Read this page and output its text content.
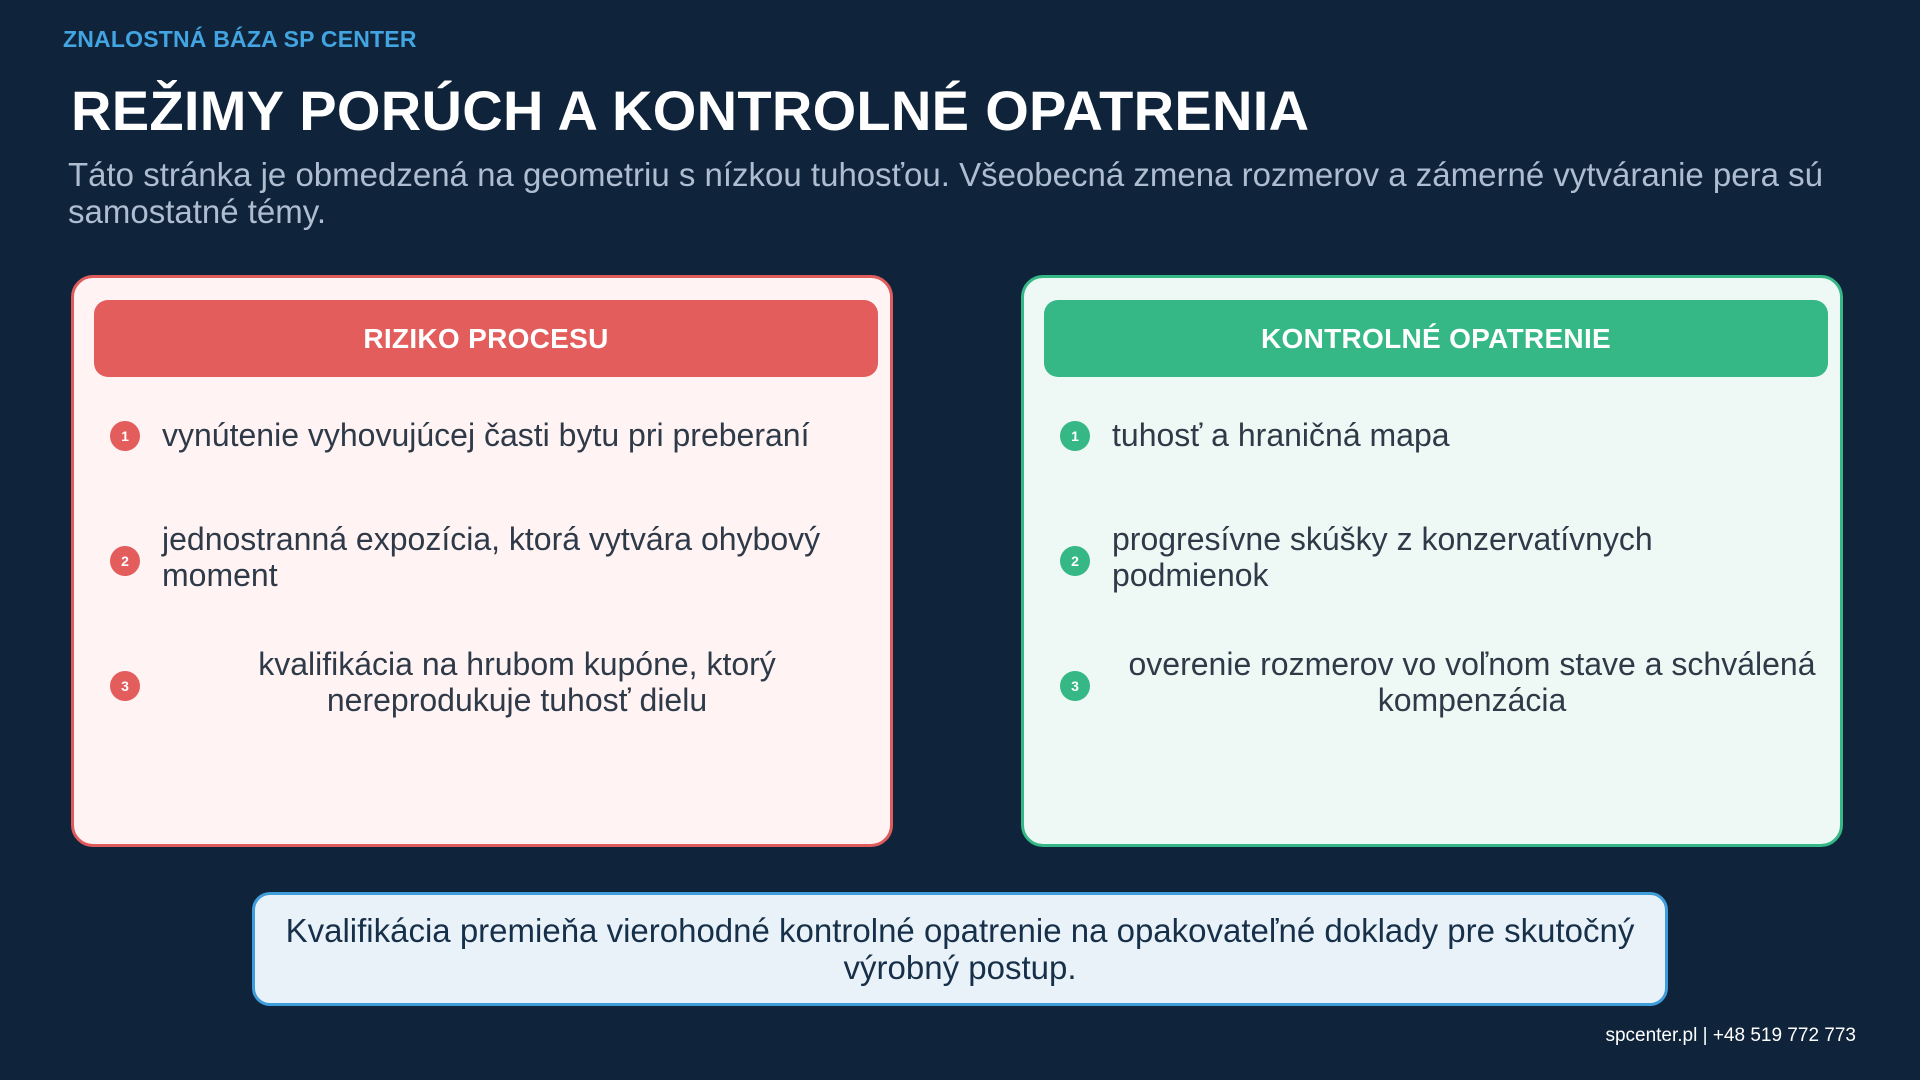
ZNALOSTNÁ BÁZA SP CENTER
REŽIMY PORÚCH A KONTROLNÉ OPATRENIA
Táto stránka je obmedzená na geometriu s nízkou tuhosťou. Všeobecná zmena rozmerov a zámerné vytváranie pera sú samostatné témy.
RIZIKO PROCESU
1	vynútenie vyhovujúcej časti bytu pri preberaní
2
jednostranná expozícia, ktorá vytvára ohybový moment
3
kvalifikácia na hrubom kupóne, ktorý nereprodukuje tuhosť dielu
KONTROLNÉ OPATRENIE
1	tuhosť a hraničná mapa
2
progresívne skúšky z konzervatívnych podmienok
3
overenie rozmerov vo voľnom stave a schválená kompenzácia
Kvalifikácia premieňa vierohodné kontrolné opatrenie na opakovateľné doklady pre skutočný výrobný postup.
spcenter.pl | +48 519 772 773
